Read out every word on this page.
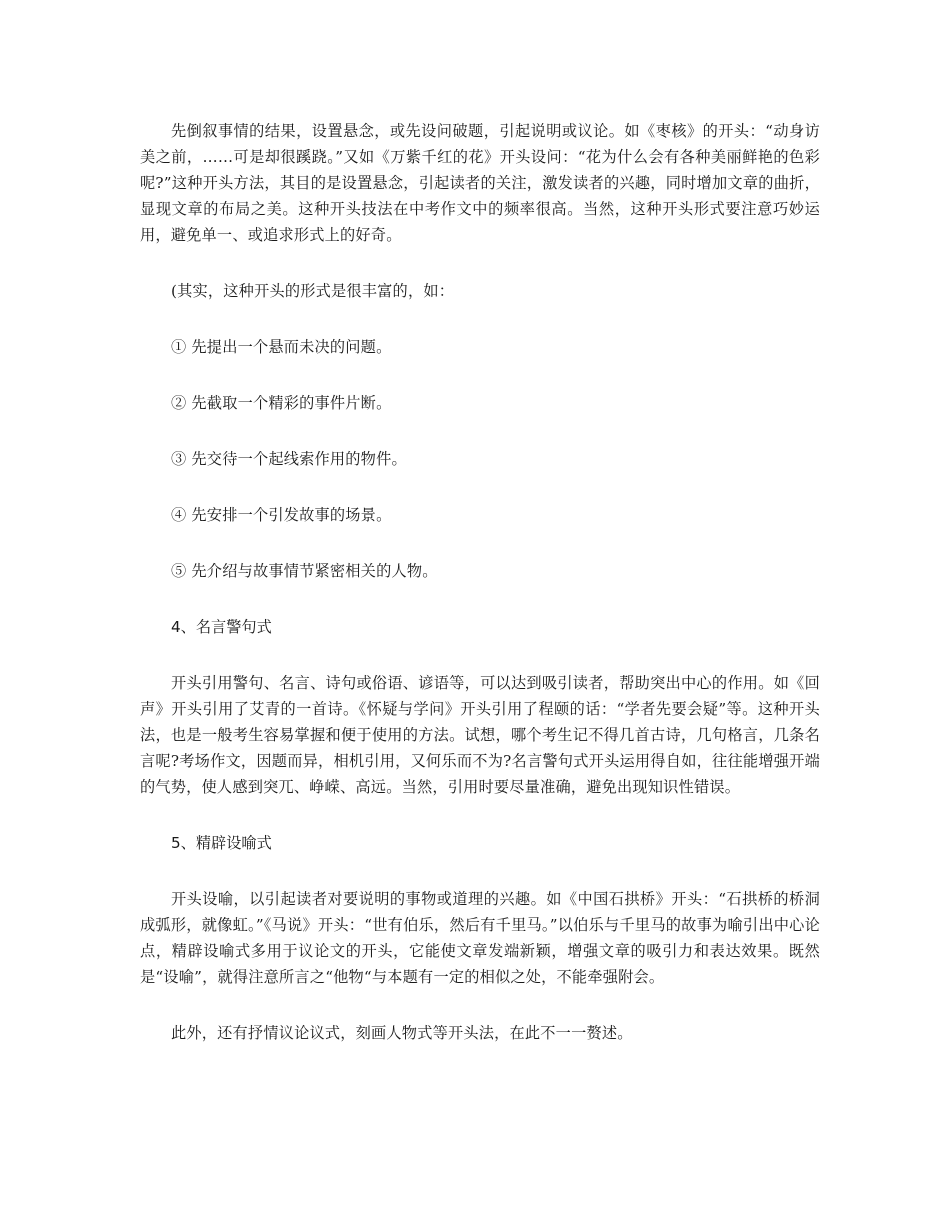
先倒叙事情的结果，设置悬念，或先设问破题，引起说明或议论。如《枣核》的开头：“动身访美之前，……可是却很蹊跷。”又如《万紫千红的花》开头设问：“花为什么会有各种美丽鲜艳的色彩呢?”这种开头方法，其目的是设置悬念，引起读者的关注，激发读者的兴趣，同时增加文章的曲折，显现文章的布局之美。这种开头技法在中考作文中的频率很高。当然，这种开头形式要注意巧妙运用，避免单一、或追求形式上的好奇。

(其实，这种开头的形式是很丰富的，如：

① 先提出一个悬而未决的问题。

② 先截取一个精彩的事件片断。

③ 先交待一个起线索作用的物件。

④ 先安排一个引发故事的场景。

⑤ 先介绍与故事情节紧密相关的人物。

4、名言警句式

开头引用警句、名言、诗句或俗语、谚语等，可以达到吸引读者，帮助突出中心的作用。如《回声》开头引用了艾青的一首诗。《怀疑与学问》开头引用了程颐的话：“学者先要会疑”等。这种开头法，也是一般考生容易掌握和便于使用的方法。试想，哪个考生记不得几首古诗，几句格言，几条名言呢?考场作文，因题而异，相机引用，又何乐而不为?名言警句式开头运用得自如，往往能增强开端的气势，使人感到突兀、峥嵘、高远。当然，引用时要尽量准确，避免出现知识性错误。

5、精辟设喻式

开头设喻，以引起读者对要说明的事物或道理的兴趣。如《中国石拱桥》开头：“石拱桥的桥洞成弧形，就像虹。”《马说》开头：“世有伯乐，然后有千里马。”以伯乐与千里马的故事为喻引出中心论点，精辟设喻式多用于议论文的开头，它能使文章发端新颖，增强文章的吸引力和表达效果。既然是“设喻”，就得注意所言之“他物“与本题有一定的相似之处，不能牵强附会。

此外，还有抒情议论议式，刻画人物式等开头法，在此不一一赘述。
